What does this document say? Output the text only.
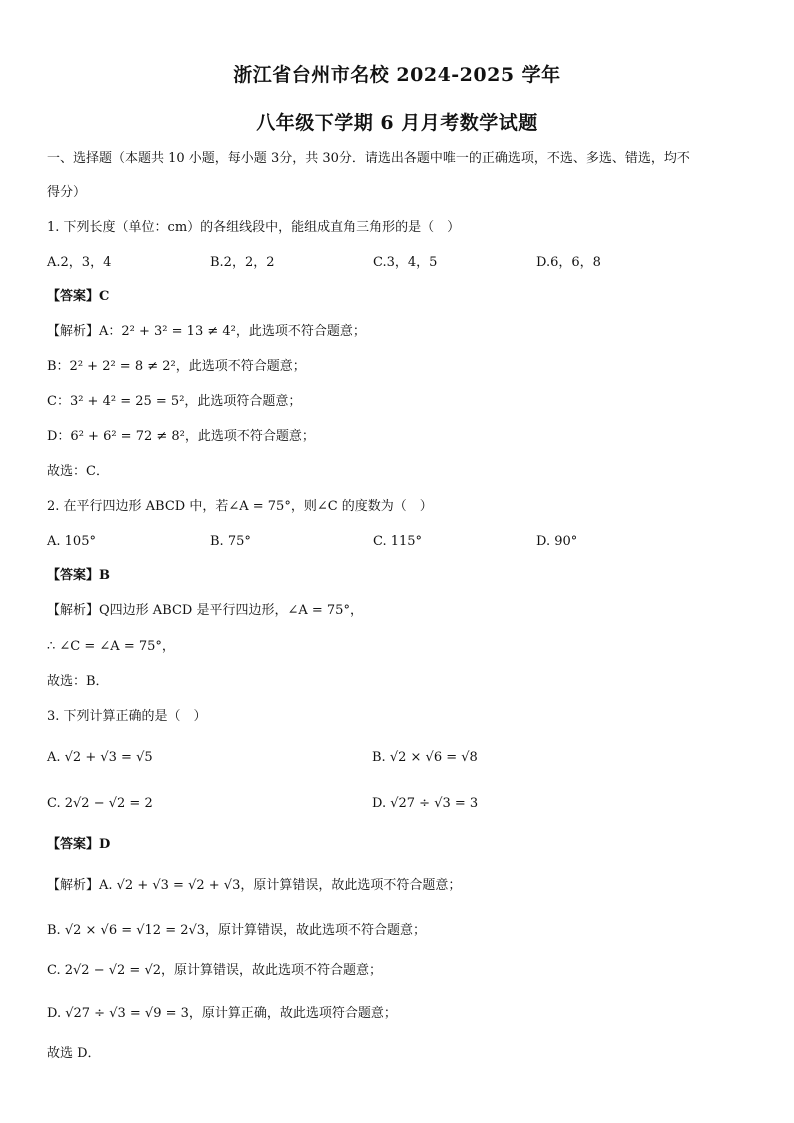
浙江省台州市名校 2024-2025 学年
八年级下学期 6 月月考数学试题
一、选择题（本题共 10 小题，每小题 3分，共 30分．请选出各题中唯一的正确选项，不选、多选、错选，均不
得分）
1. 下列长度（单位：cm）的各组线段中，能组成直角三角形的是（　）
A.2，3，4	B.2，2，2	C.3，4，5	D.6，6，8
【答案】C
【解析】A：2² + 3² = 13 ≠ 4²，此选项不符合题意；
B：2² + 2² = 8 ≠ 2²，此选项不符合题意；
C：3² + 4² = 25 = 5²，此选项符合题意；
D：6² + 6² = 72 ≠ 8²，此选项不符合题意；
故选：C．
2. 在平行四边形 ABCD 中，若∠A = 75°，则∠C 的度数为（　）
A. 105°	B. 75°	C. 115°	D. 90°
【答案】B
【解析】Q四边形 ABCD 是平行四边形，∠A = 75°，
∴ ∠C = ∠A = 75°，
故选：B．
3. 下列计算正确的是（　）
A. √2 + √3 = √5	B. √2 × √6 = √8
C. 2√2 − √2 = 2	D. √27 ÷ √3 = 3
【答案】D
【解析】A. √2 + √3 = √2 + √3，原计算错误，故此选项不符合题意；
B. √2 × √6 = √12 = 2√3，原计算错误，故此选项不符合题意；
C. 2√2 − √2 = √2，原计算错误，故此选项不符合题意；
D. √27 ÷ √3 = √9 = 3，原计算正确，故此选项符合题意；
故选 D．
